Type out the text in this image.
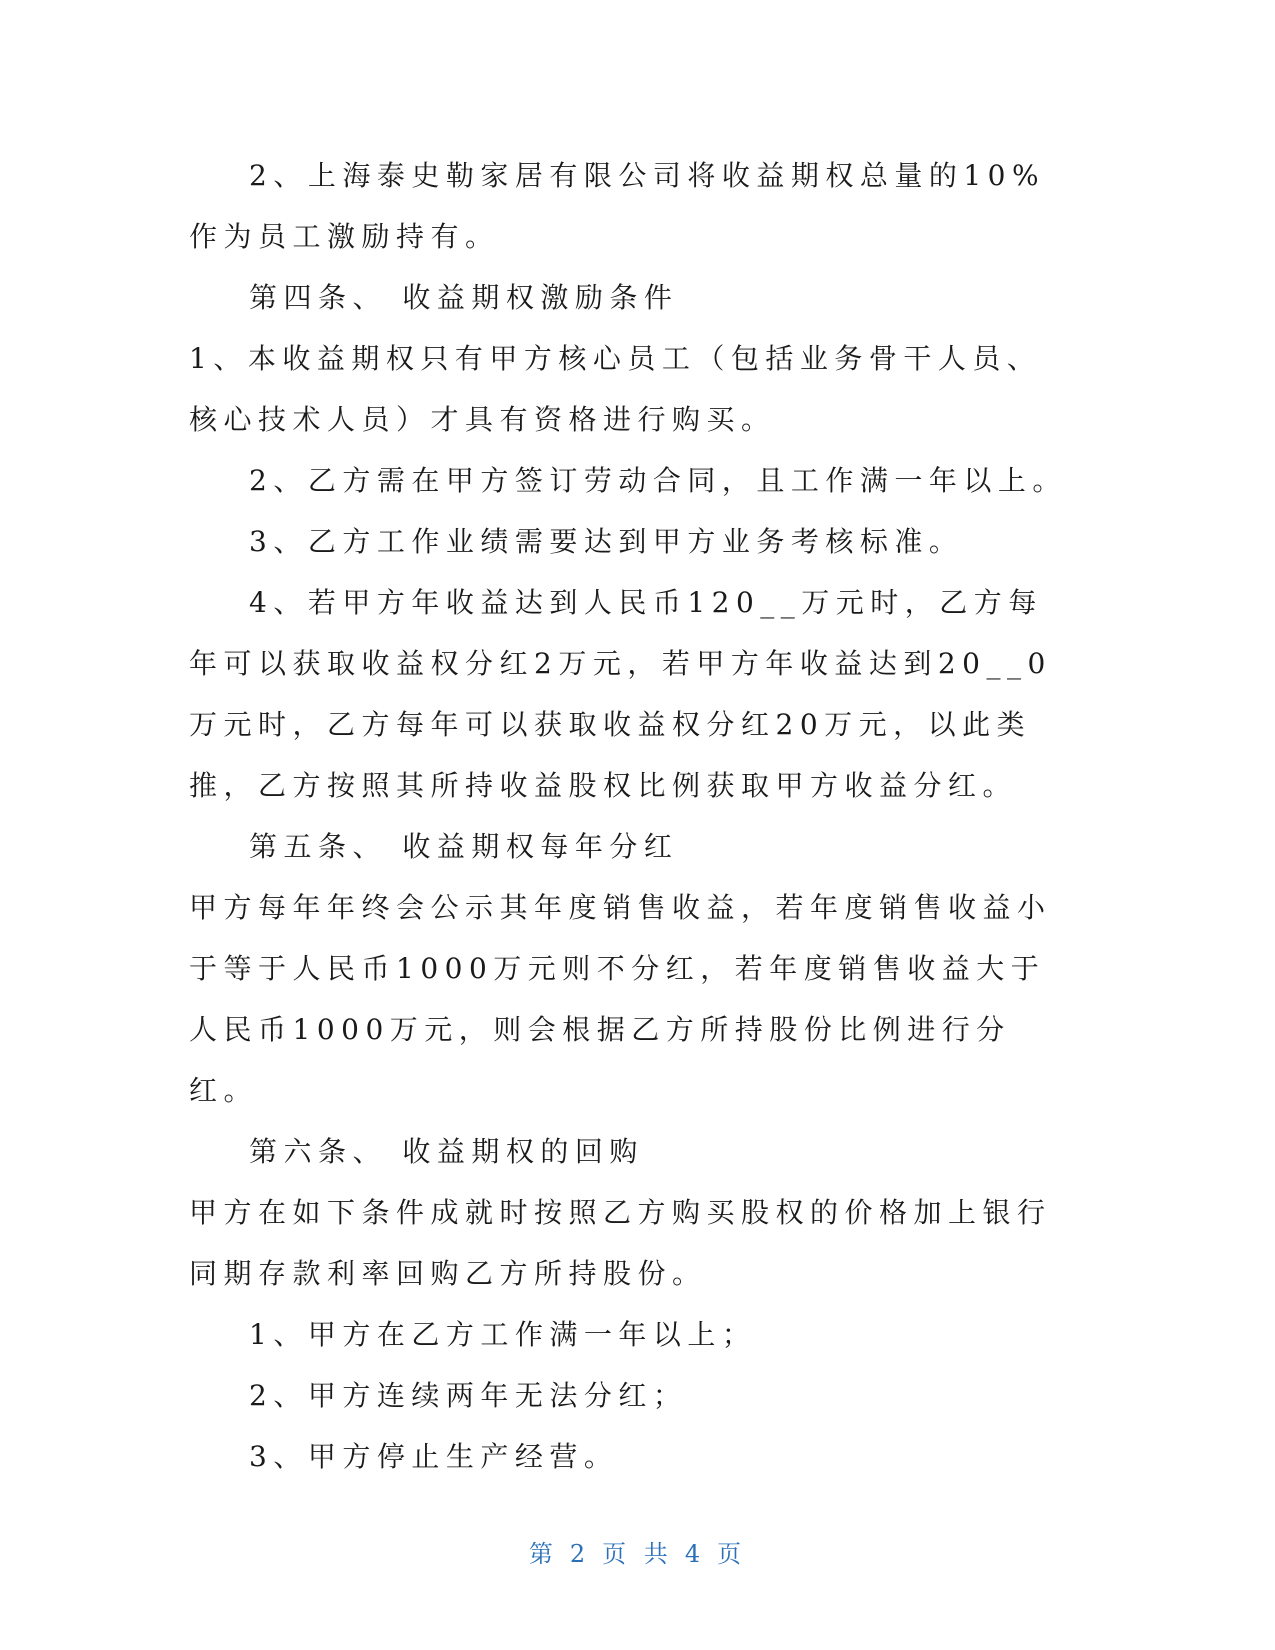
2、上海泰史勒家居有限公司将收益期权总量的10%作为员工激励持有。

第四条、 收益期权激励条件

1、本收益期权只有甲方核心员工（包括业务骨干人员、核心技术人员）才具有资格进行购买。

2、乙方需在甲方签订劳动合同，且工作满一年以上。

3、乙方工作业绩需要达到甲方业务考核标准。

4、若甲方年收益达到人民币120__万元时，乙方每年可以获取收益权分红2万元，若甲方年收益达到20__0万元时，乙方每年可以获取收益权分红20万元，以此类推，乙方按照其所持收益股权比例获取甲方收益分红。

第五条、 收益期权每年分红

甲方每年年终会公示其年度销售收益，若年度销售收益小于等于人民币1000万元则不分红，若年度销售收益大于人民币1000万元，则会根据乙方所持股份比例进行分红。

第六条、 收益期权的回购

甲方在如下条件成就时按照乙方购买股权的价格加上银行同期存款利率回购乙方所持股份。

1、甲方在乙方工作满一年以上；

2、甲方连续两年无法分红；

3、甲方停止生产经营。

第 2 页 共 4 页
